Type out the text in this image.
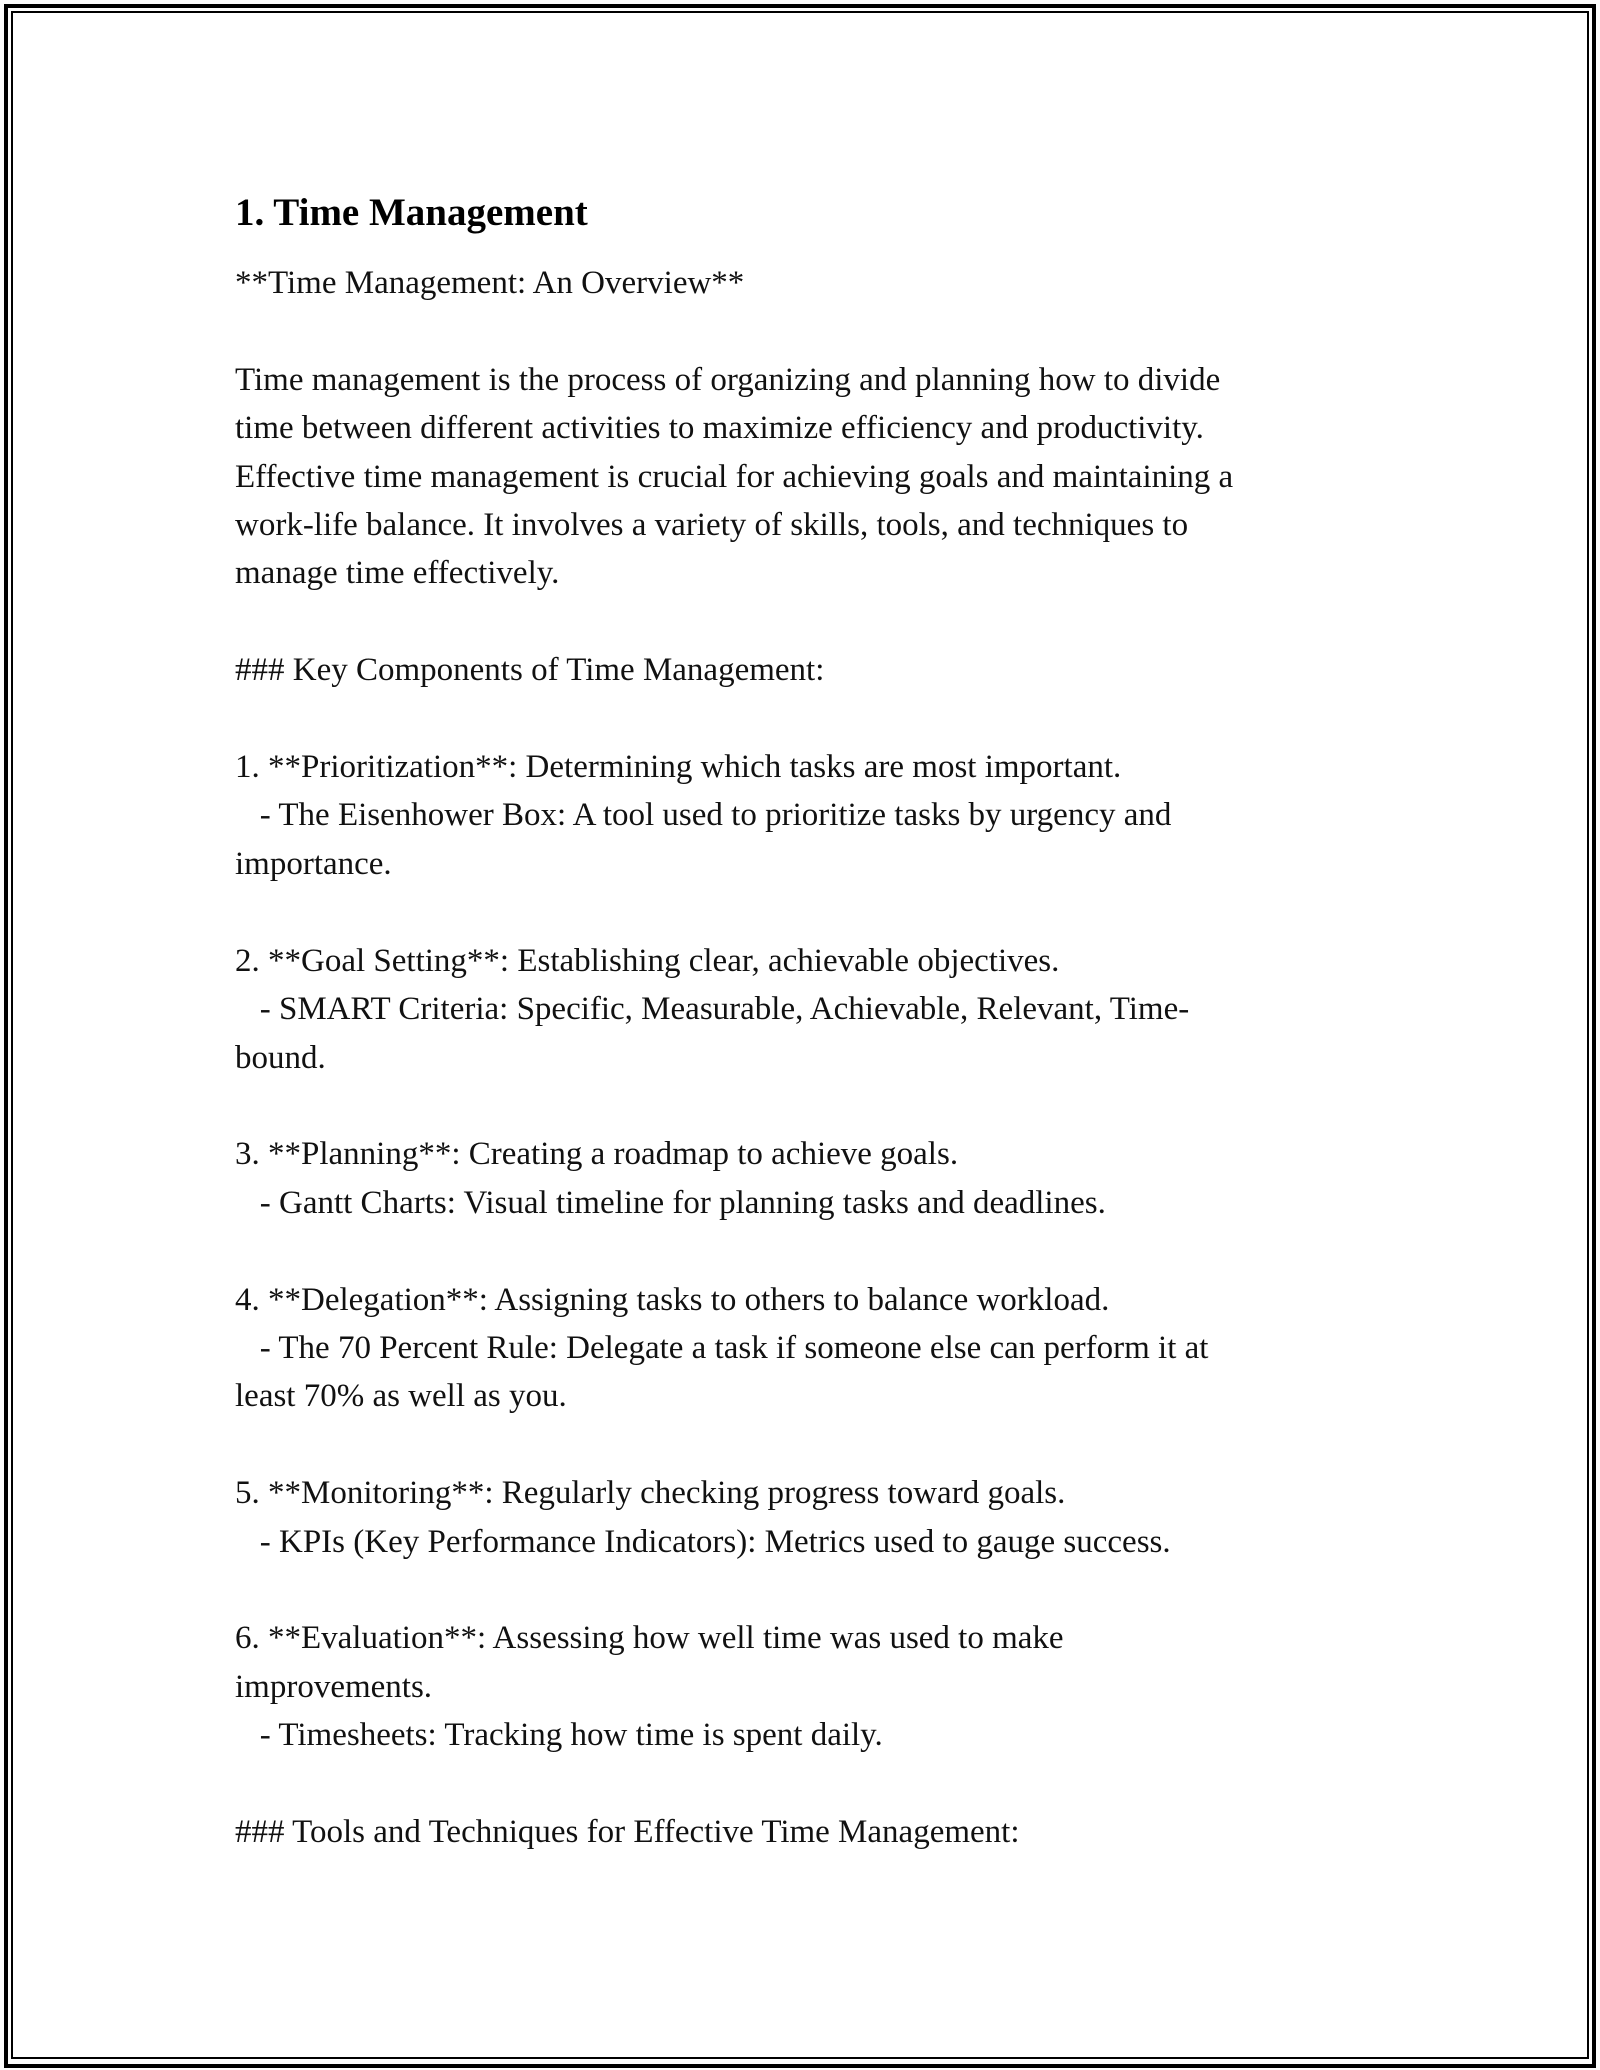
1. Time Management
**Time Management: An Overview**

Time management is the process of organizing and planning how to divide
time between different activities to maximize efficiency and productivity.
Effective time management is crucial for achieving goals and maintaining a
work-life balance. It involves a variety of skills, tools, and techniques to
manage time effectively.

### Key Components of Time Management:

1. **Prioritization**: Determining which tasks are most important.
- The Eisenhower Box: A tool used to prioritize tasks by urgency and
importance.

2. **Goal Setting**: Establishing clear, achievable objectives.
- SMART Criteria: Specific, Measurable, Achievable, Relevant, Time-
bound.

3. **Planning**: Creating a roadmap to achieve goals.
- Gantt Charts: Visual timeline for planning tasks and deadlines.

4. **Delegation**: Assigning tasks to others to balance workload.
- The 70 Percent Rule: Delegate a task if someone else can perform it at
least 70% as well as you.

5. **Monitoring**: Regularly checking progress toward goals.
- KPIs (Key Performance Indicators): Metrics used to gauge success.

6. **Evaluation**: Assessing how well time was used to make
improvements.
- Timesheets: Tracking how time is spent daily.

### Tools and Techniques for Effective Time Management:
